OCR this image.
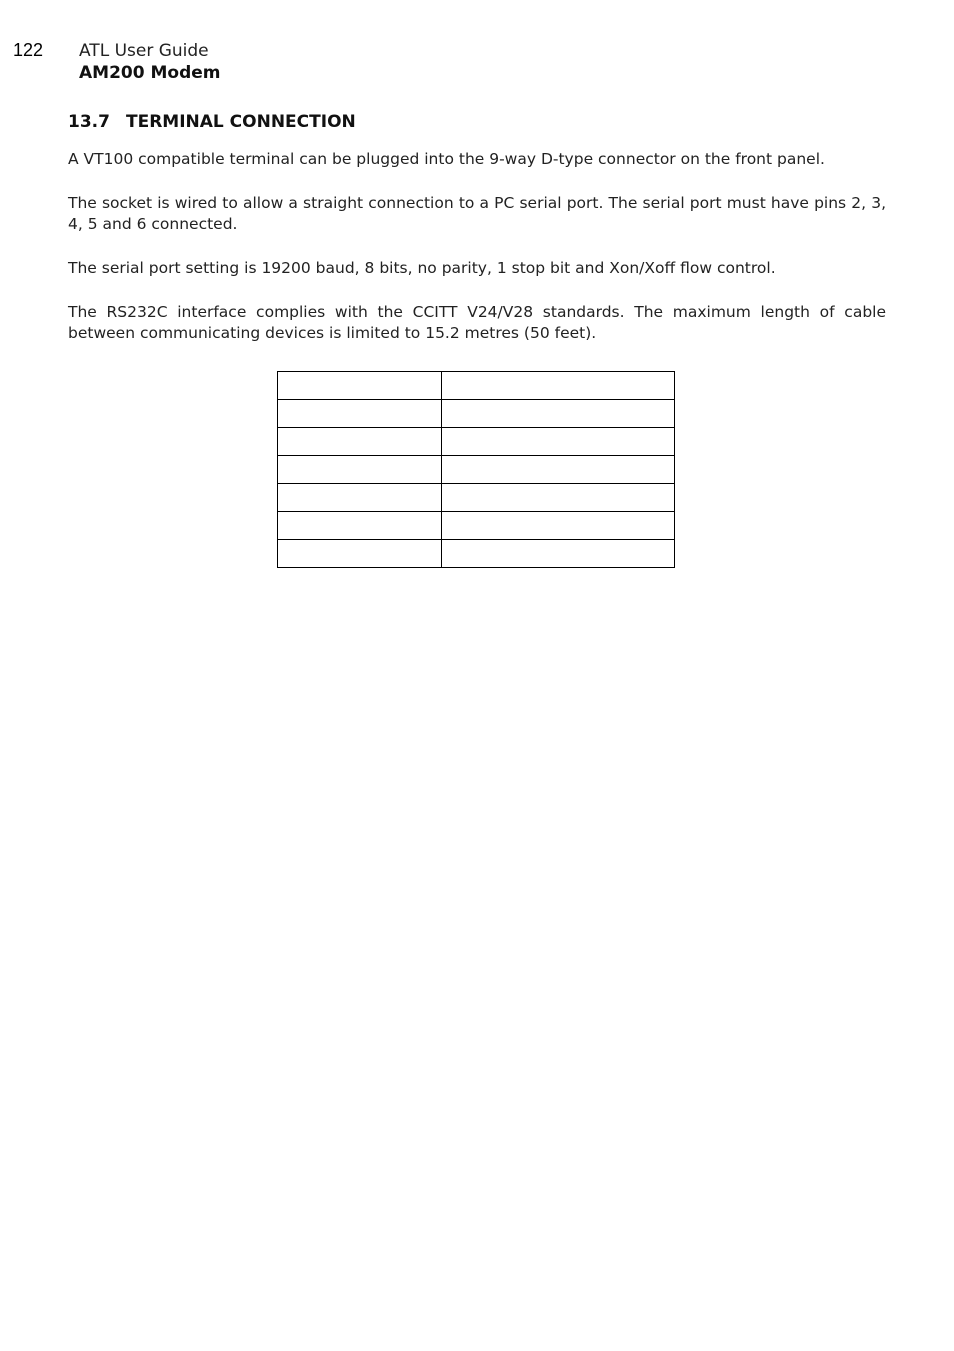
122 ATL User Guide
AM200 Modem
13.7 TERMINAL CONNECTION

A VT100 compatible terminal can be plugged into the 9-way D-type connector on the front panel.

The socket is wired to allow a straight connection to a PC serial port. The serial port must have pins 2, 3, 4, 5 and 6 connected.

The serial port setting is 19200 baud, 8 bits, no parity, 1 stop bit and Xon/Xoff flow control.

The RS232C interface complies with the CCITT V24/V28 standards. The maximum length of cable between communicating devices is limited to 15.2 metres (50 feet).
